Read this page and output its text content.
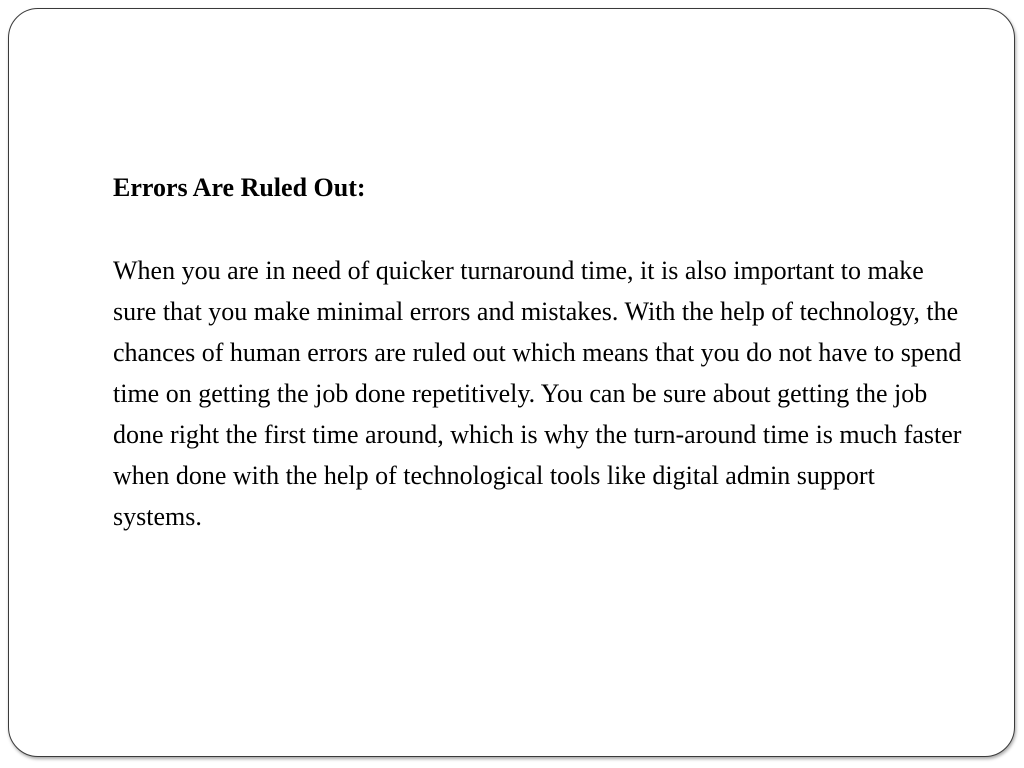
Errors Are Ruled Out:

When you are in need of quicker turnaround time, it is also important to make sure that you make minimal errors and mistakes. With the help of technology, the chances of human errors are ruled out which means that you do not have to spend time on getting the job done repetitively. You can be sure about getting the job done right the first time around, which is why the turn-around time is much faster when done with the help of technological tools like digital admin support systems.
